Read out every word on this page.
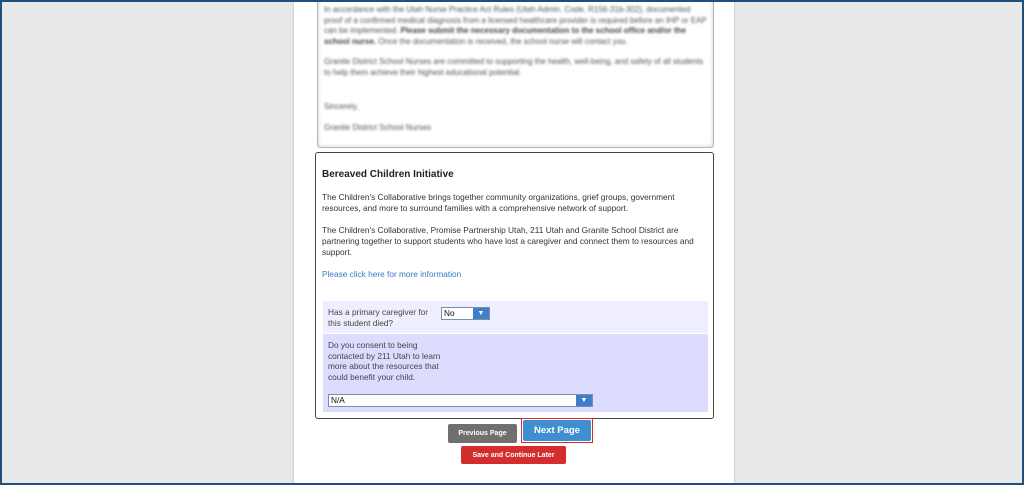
In accordance with the Utah Nurse Practice Act Rules (Utah Admin. Code, R156-31b-302), documented proof of a confirmed medical diagnosis from a licensed healthcare provider is required before an IHP or EAP can be implemented. Please submit the necessary documentation to the school office and/or the school nurse. Once the documentation is received, the school nurse will contact you.

Granite District School Nurses are committed to supporting the health, well-being, and safety of all students to help them achieve their highest educational potential.

Sincerely,

Granite District School Nurses

Bereaved Children Initiative
The Children's Collaborative brings together community organizations, grief groups, government resources, and more to surround families with a comprehensive network of support.
The Children's Collaborative, Promise Partnership Utah, 211 Utah and Granite School District are partnering together to support students who have lost a caregiver and connect them to resources and support.
Please click here for more information
Has a primary caregiver for this student died?
No	▼
Do you consent to being contacted by 211 Utah to learn more about the resources that could benefit your child.
N/A	▼
Previous Page	Next Page
Save and Continue Later
